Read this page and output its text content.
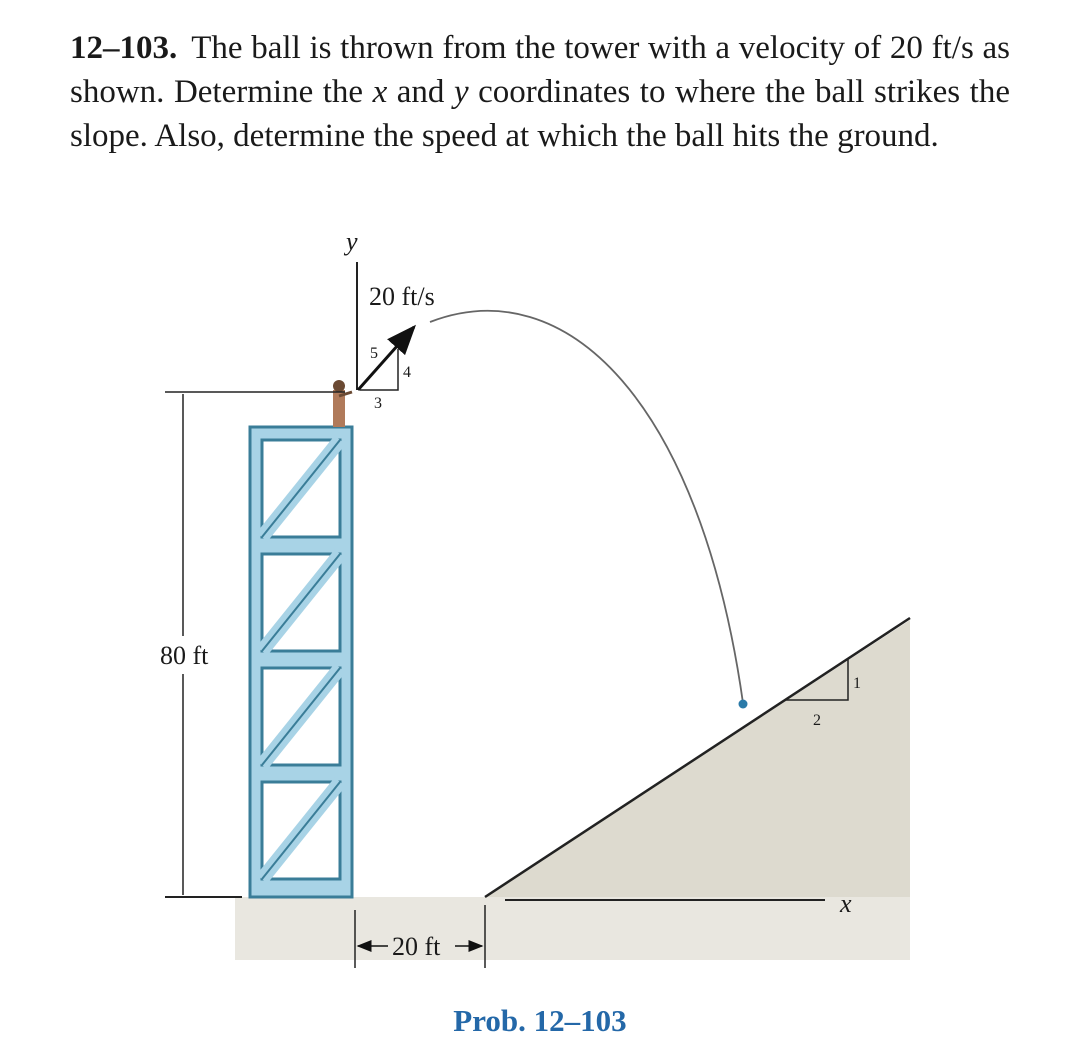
12–103. The ball is thrown from the tower with a velocity of 20 ft/s as shown. Determine the x and y coordinates to where the ball strikes the slope. Also, determine the speed at which the ball hits the ground.
x
y
80 ft
20 ft/s
5
4
3
2
1
20 ft
Prob. 12–103
